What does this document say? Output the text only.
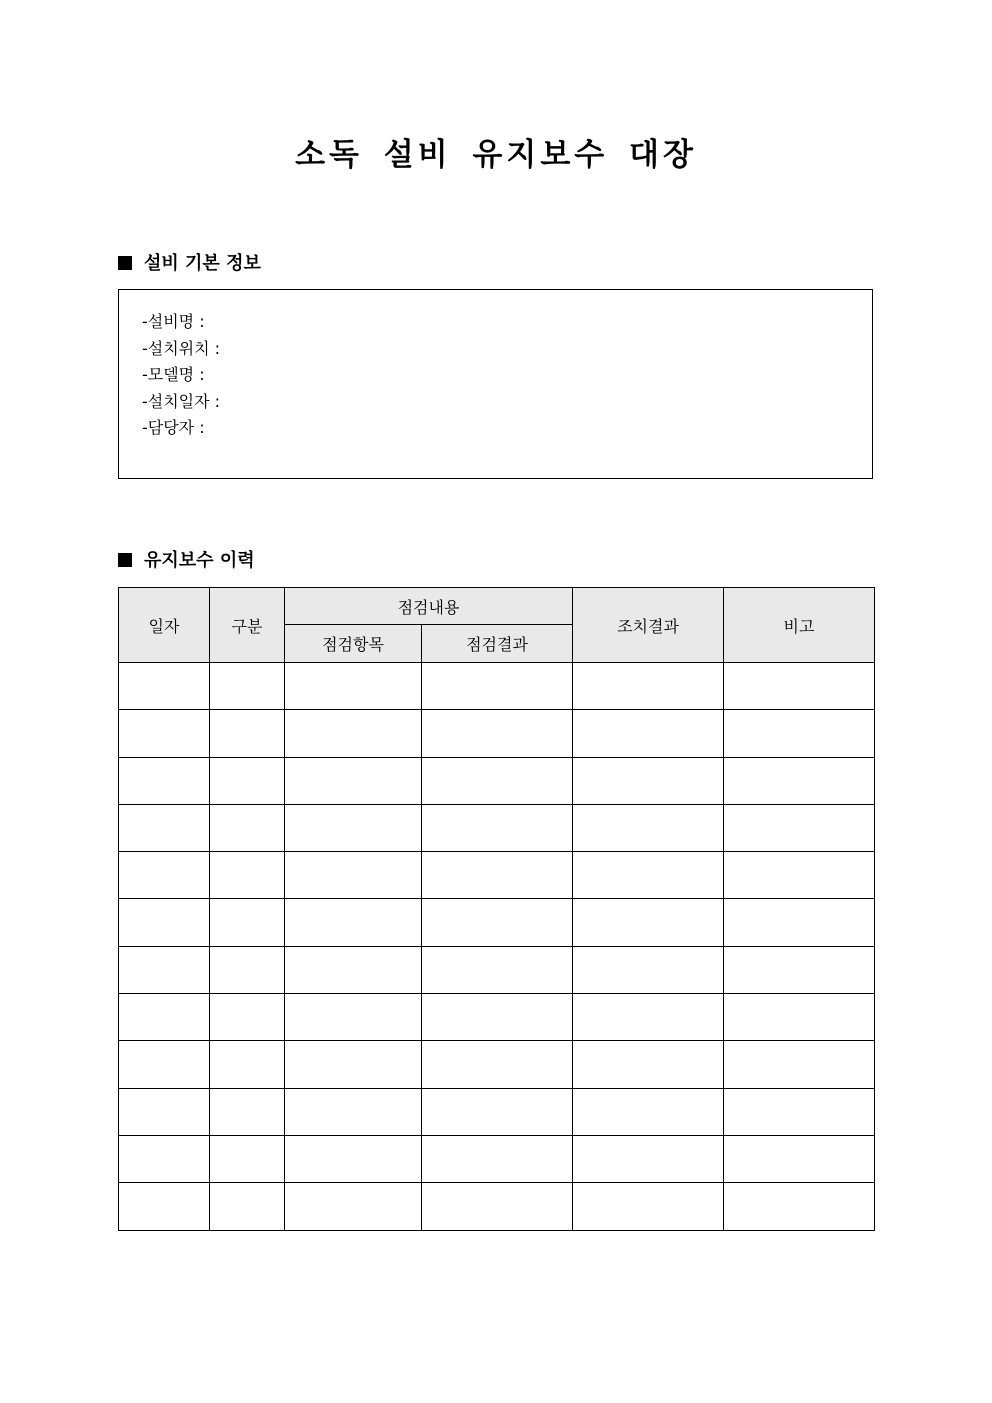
소독 설비 유지보수 대장
설비 기본 정보
-설비명 :
-설치위치 :
-모델명 :
-설치일자 :
-담당자 :
유지보수 이력
일자	구분	점검내용		조치결과	비고
		점검항목	점검결과		
